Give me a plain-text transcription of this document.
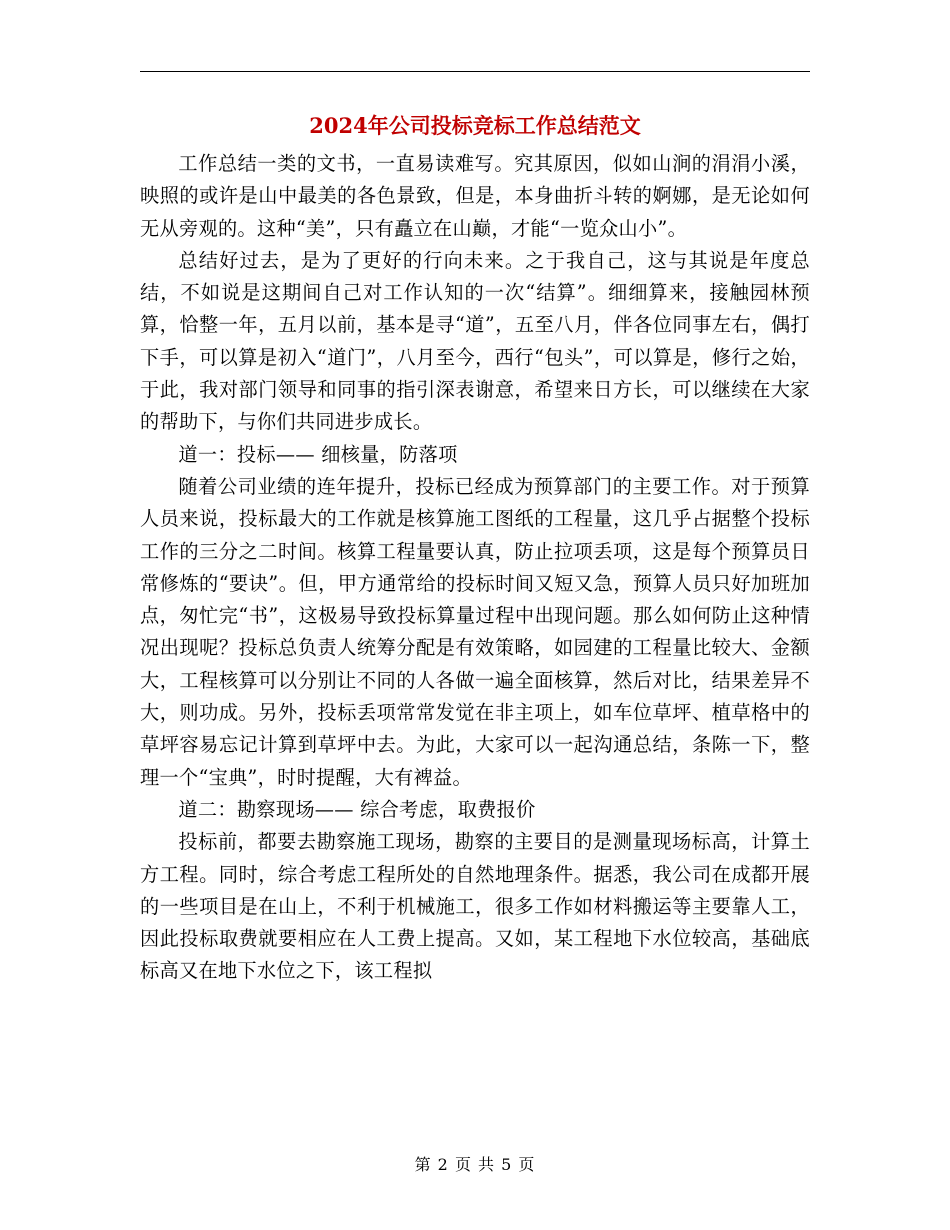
2024年公司投标竞标工作总结范文

工作总结一类的文书，一直易读难写。究其原因，似如山涧的涓涓小溪，映照的或许是山中最美的各色景致，但是，本身曲折斗转的婀娜，是无论如何无从旁观的。这种“美”，只有矗立在山巅，才能“一览众山小”。

总结好过去，是为了更好的行向未来。之于我自己，这与其说是年度总结，不如说是这期间自己对工作认知的一次“结算”。细细算来，接触园林预算，恰整一年，五月以前，基本是寻“道”，五至八月，伴各位同事左右，偶打下手，可以算是初入“道门”，八月至今，西行“包头”，可以算是，修行之始，于此，我对部门领导和同事的指引深表谢意，希望来日方长，可以继续在大家的帮助下，与你们共同进步成长。

道一：投标—— 细核量，防落项

随着公司业绩的连年提升，投标已经成为预算部门的主要工作。对于预算人员来说，投标最大的工作就是核算施工图纸的工程量，这几乎占据整个投标工作的三分之二时间。核算工程量要认真，防止拉项丢项，这是每个预算员日常修炼的“要诀”。但，甲方通常给的投标时间又短又急，预算人员只好加班加点，匆忙完“书”，这极易导致投标算量过程中出现问题。那么如何防止这种情况出现呢？投标总负责人统筹分配是有效策略，如园建的工程量比较大、金额大，工程核算可以分别让不同的人各做一遍全面核算，然后对比，结果差异不大，则功成。另外，投标丢项常常发觉在非主项上，如车位草坪、植草格中的草坪容易忘记计算到草坪中去。为此，大家可以一起沟通总结，条陈一下，整理一个“宝典”，时时提醒，大有裨益。

道二：勘察现场—— 综合考虑，取费报价

投标前，都要去勘察施工现场，勘察的主要目的是测量现场标高，计算土方工程。同时，综合考虑工程所处的自然地理条件。据悉，我公司在成都开展的一些项目是在山上，不利于机械施工，很多工作如材料搬运等主要靠人工，因此投标取费就要相应在人工费上提高。又如，某工程地下水位较高，基础底标高又在地下水位之下，该工程拟

第 2 页 共 5 页
